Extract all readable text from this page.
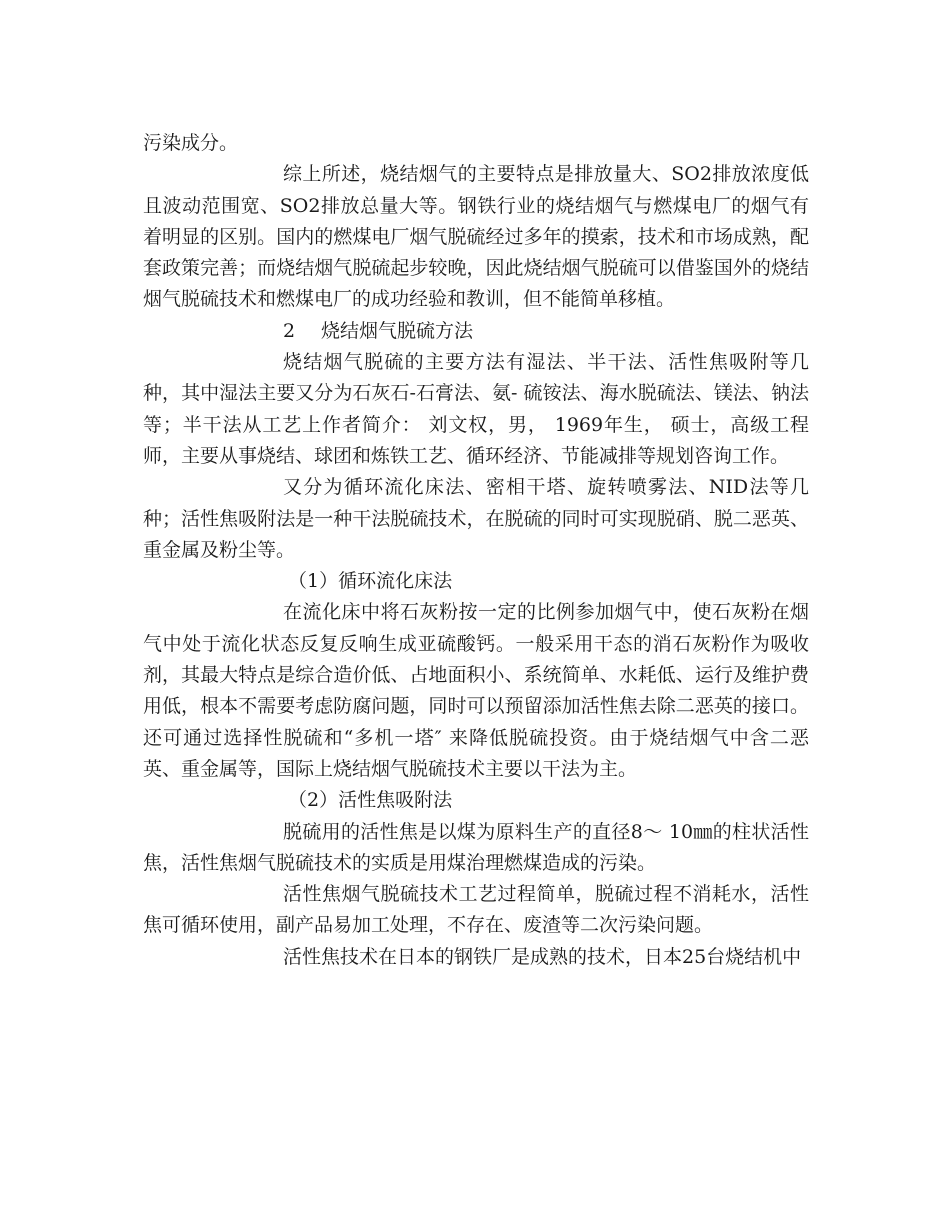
污染成分。

综上所述，烧结烟气的主要特点是排放量大、SO2排放浓度低且波动范围宽、SO2排放总量大等。钢铁行业的烧结烟气与燃煤电厂的烟气有着明显的区别。国内的燃煤电厂烟气脱硫经过多年的摸索，技术和市场成熟，配套政策完善；而烧结烟气脱硫起步较晚，因此烧结烟气脱硫可以借鉴国外的烧结烟气脱硫技术和燃煤电厂的成功经验和教训，但不能简单移植。

2 烧结烟气脱硫方法

烧结烟气脱硫的主要方法有湿法、半干法、活性焦吸附等几种，其中湿法主要又分为石灰石-石膏法、氨- 硫铵法、海水脱硫法、镁法、钠法等；半干法从工艺上作者简介： 刘文权，男， 1969年生， 硕士，高级工程师，主要从事烧结、球团和炼铁工艺、循环经济、节能减排等规划咨询工作。

又分为循环流化床法、密相干塔、旋转喷雾法、NID法等几种；活性焦吸附法是一种干法脱硫技术，在脱硫的同时可实现脱硝、脱二恶英、重金属及粉尘等。

（1）循环流化床法

在流化床中将石灰粉按一定的比例参加烟气中，使石灰粉在烟气中处于流化状态反复反响生成亚硫酸钙。一般采用干态的消石灰粉作为吸收剂，其最大特点是综合造价低、占地面积小、系统简单、水耗低、运行及维护费用低，根本不需要考虑防腐问题，同时可以预留添加活性焦去除二恶英的接口。还可通过选择性脱硫和“多机一塔″ 来降低脱硫投资。由于烧结烟气中含二恶英、重金属等，国际上烧结烟气脱硫技术主要以干法为主。

（2）活性焦吸附法

脱硫用的活性焦是以煤为原料生产的直径8～ 10㎜的柱状活性焦，活性焦烟气脱硫技术的实质是用煤治理燃煤造成的污染。

活性焦烟气脱硫技术工艺过程简单，脱硫过程不消耗水，活性焦可循环使用，副产品易加工处理，不存在、废渣等二次污染问题。

活性焦技术在日本的钢铁厂是成熟的技术，日本25台烧结机中
